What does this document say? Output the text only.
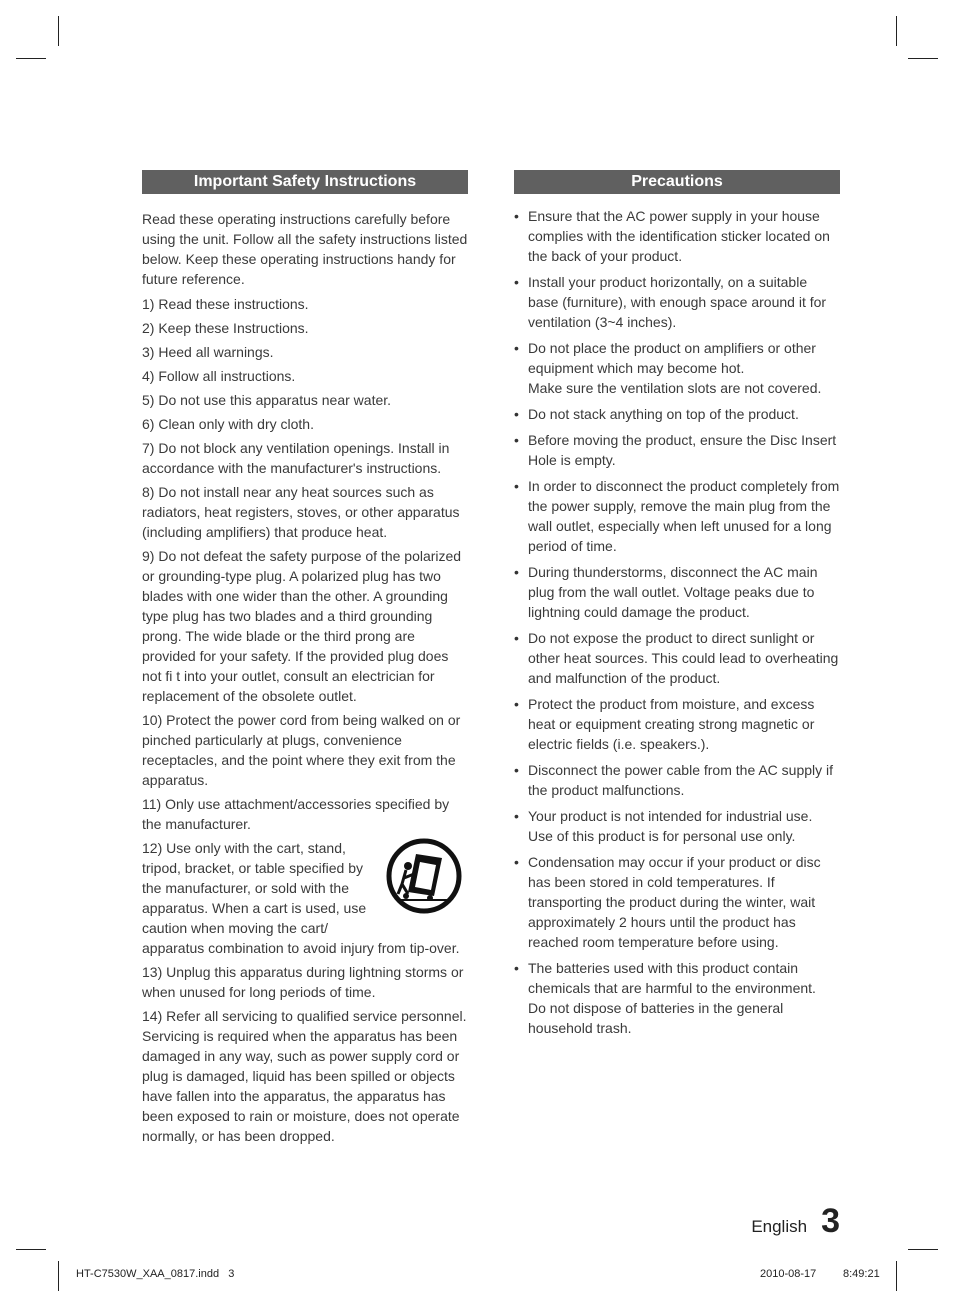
Important Safety Instructions
Read these operating instructions carefully before using the unit. Follow all the safety instructions listed below. Keep these operating instructions handy for future reference.
1) Read these instructions.
2) Keep these Instructions.
3) Heed all warnings.
4) Follow all instructions.
5) Do not use this apparatus near water.
6) Clean only with dry cloth.
7) Do not block any ventilation openings. Install in accordance with the manufacturer's instructions.
8) Do not install near any heat sources such as radiators, heat registers, stoves, or other apparatus (including amplifiers) that produce heat.
9) Do not defeat the safety purpose of the polarized or grounding-type plug. A polarized plug has two blades with one wider than the other. A grounding type plug has two blades and a third grounding prong. The wide blade or the third prong are provided for your safety. If the provided plug does not fi t into your outlet, consult an electrician for replacement of the obsolete outlet.
10) Protect the power cord from being walked on or pinched particularly at plugs, convenience receptacles, and the point where they exit from the apparatus.
11) Only use attachment/accessories specified by the manufacturer.
12) Use only with the cart, stand, tripod, bracket, or table specified by the manufacturer, or sold with the apparatus. When a cart is used, use caution when moving the cart/
apparatus combination to avoid injury from tip-over.
13) Unplug this apparatus during lightning storms or when unused for long periods of time.
14) Refer all servicing to qualified service personnel. Servicing is required when the apparatus has been damaged in any way, such as power supply cord or plug is damaged, liquid has been spilled or objects have fallen into the apparatus, the apparatus has been exposed to rain or moisture, does not operate normally, or has been dropped.
Precautions
• Ensure that the AC power supply in your house complies with the identification sticker located on the back of your product.
• Install your product horizontally, on a suitable base (furniture), with enough space around it for ventilation (3~4 inches).
• Do not place the product on amplifiers or other equipment which may become hot.
Make sure the ventilation slots are not covered.
• Do not stack anything on top of the product.
• Before moving the product, ensure the Disc Insert Hole is empty.
• In order to disconnect the product completely from the power supply, remove the main plug from the wall outlet, especially when left unused for a long period of time.
• During thunderstorms, disconnect the AC main plug from the wall outlet. Voltage peaks due to lightning could damage the product.
• Do not expose the product to direct sunlight or other heat sources. This could lead to overheating and malfunction of the product.
• Protect the product from moisture, and excess heat or equipment creating strong magnetic or electric fields (i.e. speakers.).
• Disconnect the power cable from the AC supply if the product malfunctions.
• Your product is not intended for industrial use. Use of this product is for personal use only.
• Condensation may occur if your product or disc has been stored in cold temperatures. If transporting the product during the winter, wait approximately 2 hours until the product has reached room temperature before using.
• The batteries used with this product contain chemicals that are harmful to the environment.
Do not dispose of batteries in the general household trash.
English 3
HT-C7530W_XAA_0817.indd   3	2010-08-17 8:49:21
